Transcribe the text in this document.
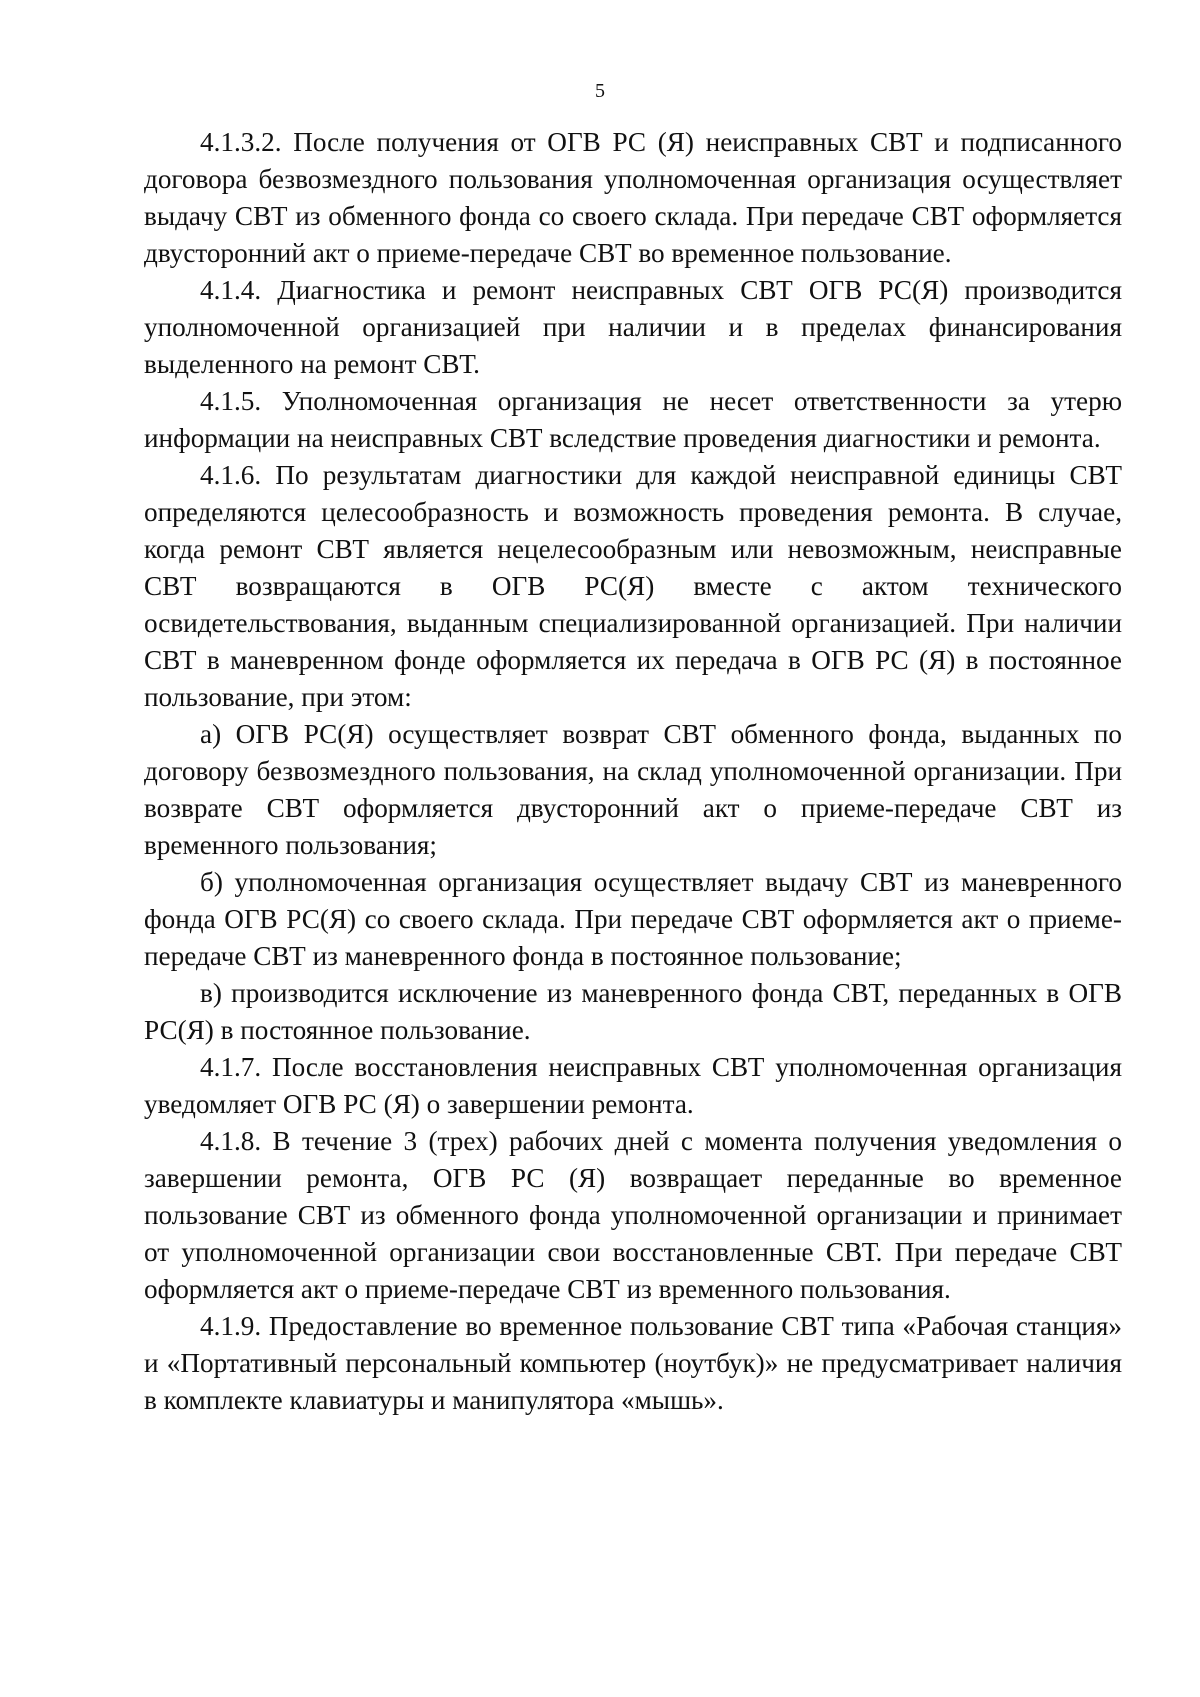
5

4.1.3.2. После получения от ОГВ РС (Я) неисправных СВТ и подписанного договора безвозмездного пользования уполномоченная организация осуществляет выдачу СВТ из обменного фонда со своего склада. При передаче СВТ оформляется двусторонний акт о приеме-передаче СВТ во временное пользование.

4.1.4. Диагностика и ремонт неисправных СВТ ОГВ РС(Я) производится уполномоченной организацией при наличии и в пределах финансирования выделенного на ремонт СВТ.

4.1.5. Уполномоченная организация не несет ответственности за утерю информации на неисправных СВТ вследствие проведения диагностики и ремонта.

4.1.6. По результатам диагностики для каждой неисправной единицы СВТ определяются целесообразность и возможность проведения ремонта. В случае, когда ремонт СВТ является нецелесообразным или невозможным, неисправные СВТ возвращаются в ОГВ РС(Я) вместе с актом технического освидетельствования, выданным специализированной организацией. При наличии СВТ в маневренном фонде оформляется их передача в ОГВ РС (Я) в постоянное пользование, при этом:

а) ОГВ РС(Я) осуществляет возврат СВТ обменного фонда, выданных по договору безвозмездного пользования, на склад уполномоченной организации. При возврате СВТ оформляется двусторонний акт о приеме-передаче СВТ из временного пользования;

б) уполномоченная организация осуществляет выдачу СВТ из маневренного фонда ОГВ РС(Я) со своего склада. При передаче СВТ оформляется акт о приеме-передаче СВТ из маневренного фонда в постоянное пользование;

в) производится исключение из маневренного фонда СВТ, переданных в ОГВ РС(Я) в постоянное пользование.

4.1.7. После восстановления неисправных СВТ уполномоченная организация уведомляет ОГВ РС (Я) о завершении ремонта.

4.1.8. В течение 3 (трех) рабочих дней с момента получения уведомления о завершении ремонта, ОГВ РС (Я) возвращает переданные во временное пользование СВТ из обменного фонда уполномоченной организации и принимает от уполномоченной организации свои восстановленные СВТ. При передаче СВТ оформляется акт о приеме-передаче СВТ из временного пользования.

4.1.9. Предоставление во временное пользование СВТ типа «Рабочая станция» и «Портативный персональный компьютер (ноутбук)» не предусматривает наличия в комплекте клавиатуры и манипулятора «мышь».
